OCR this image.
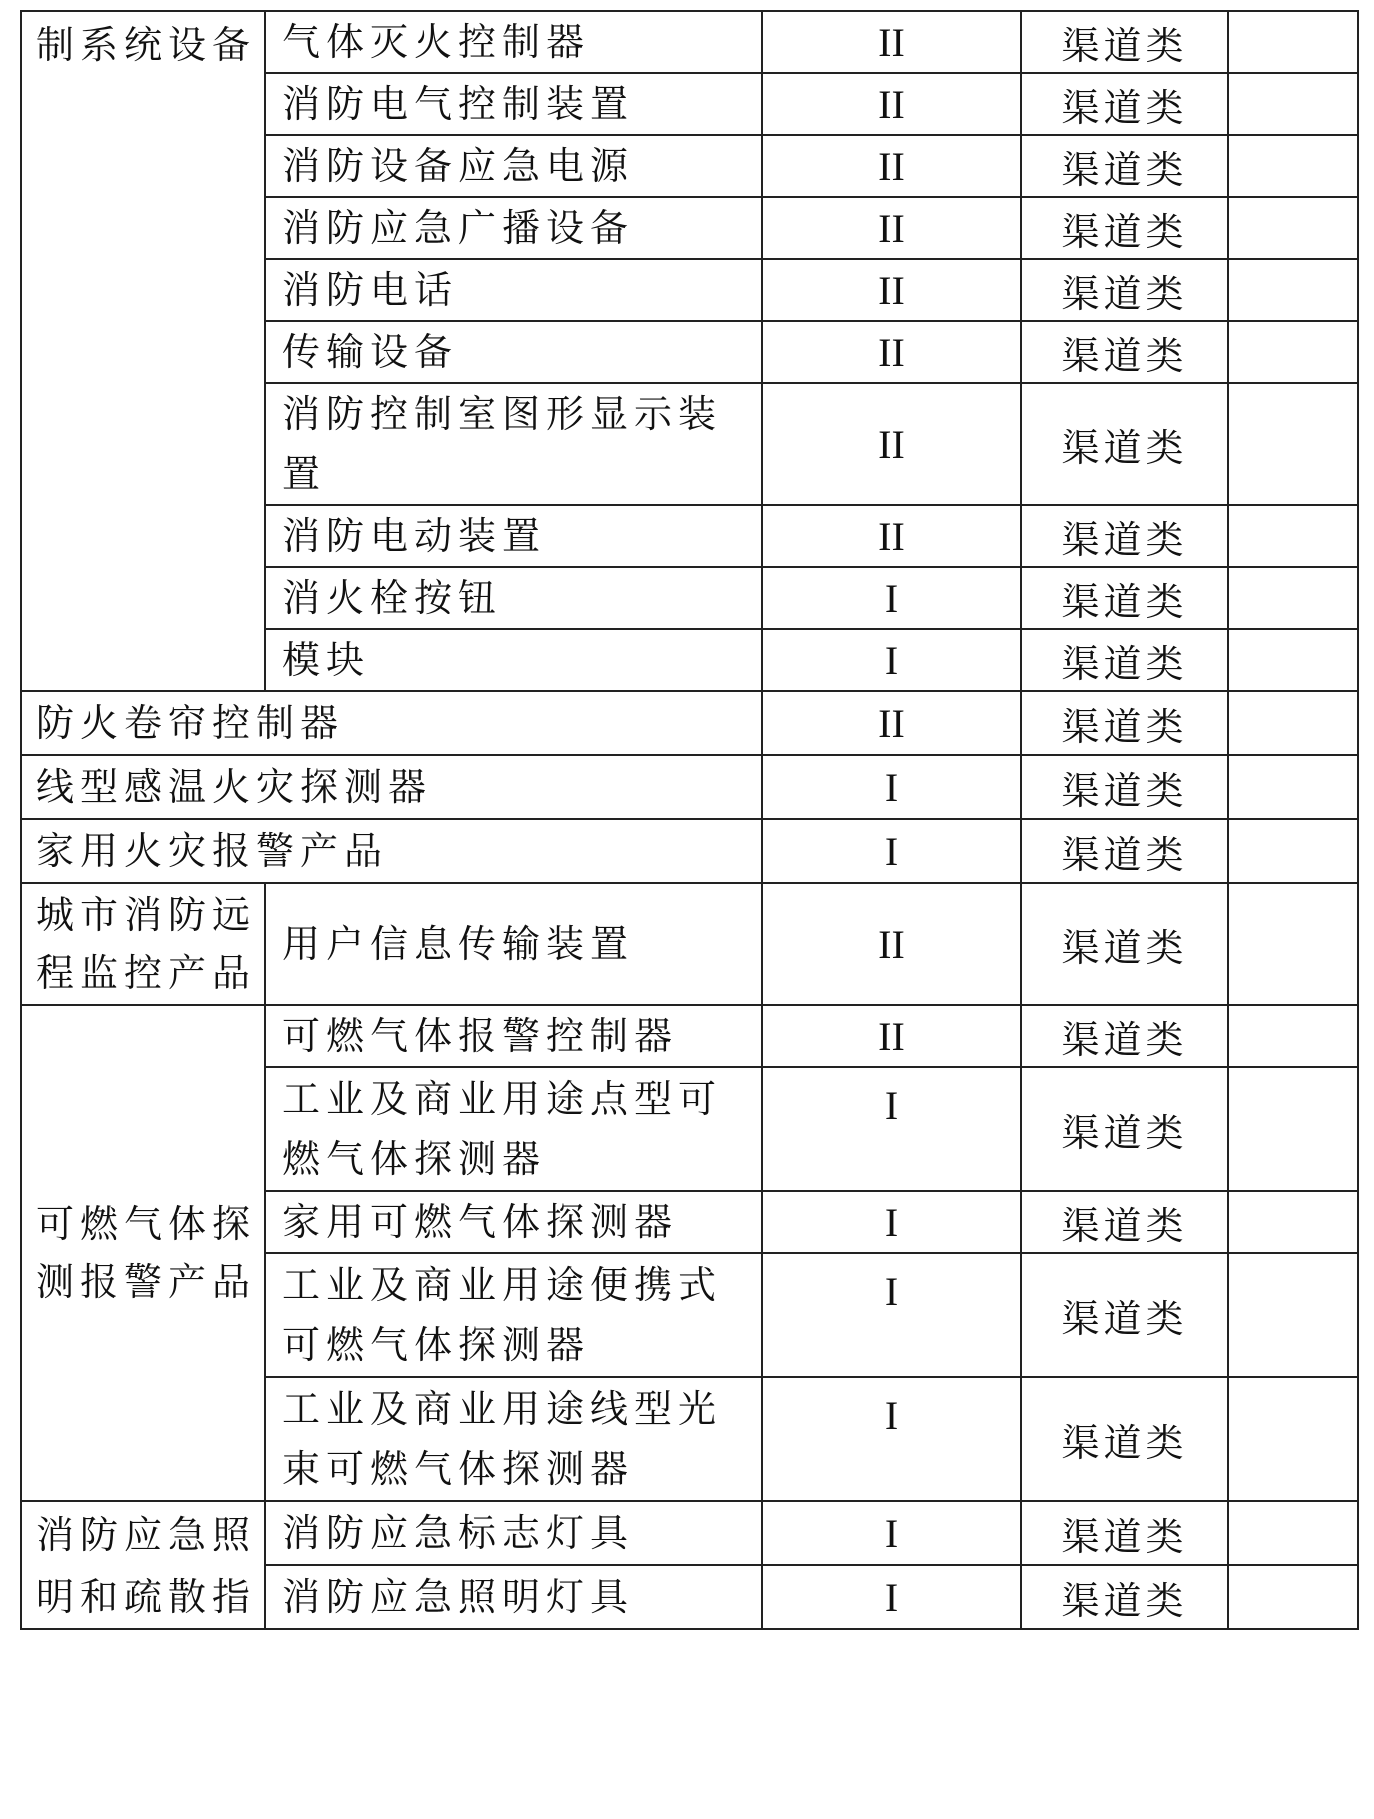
制系统设备	气体灭火控制器	II	渠道类	
	消防电气控制装置	II	渠道类	
	消防设备应急电源	II	渠道类	
	消防应急广播设备	II	渠道类	
	消防电话	II	渠道类	
	传输设备	II	渠道类	
	消防控制室图形显示装置	II	渠道类	
	消防电动装置	II	渠道类	
	消火栓按钮	I	渠道类	
	模块	I	渠道类	
防火卷帘控制器		II	渠道类	
线型感温火灾探测器		I	渠道类	
家用火灾报警产品		I	渠道类	
城市消防远程监控产品	用户信息传输装置	II	渠道类	
可燃气体探测报警产品	可燃气体报警控制器	II	渠道类	
	工业及商业用途点型可燃气体探测器	I	渠道类	
	家用可燃气体探测器	I	渠道类	
	工业及商业用途便携式可燃气体探测器	I	渠道类	
	工业及商业用途线型光束可燃气体探测器	I	渠道类	
消防应急照明和疏散指	消防应急标志灯具	I	渠道类	
	消防应急照明灯具	I	渠道类	
